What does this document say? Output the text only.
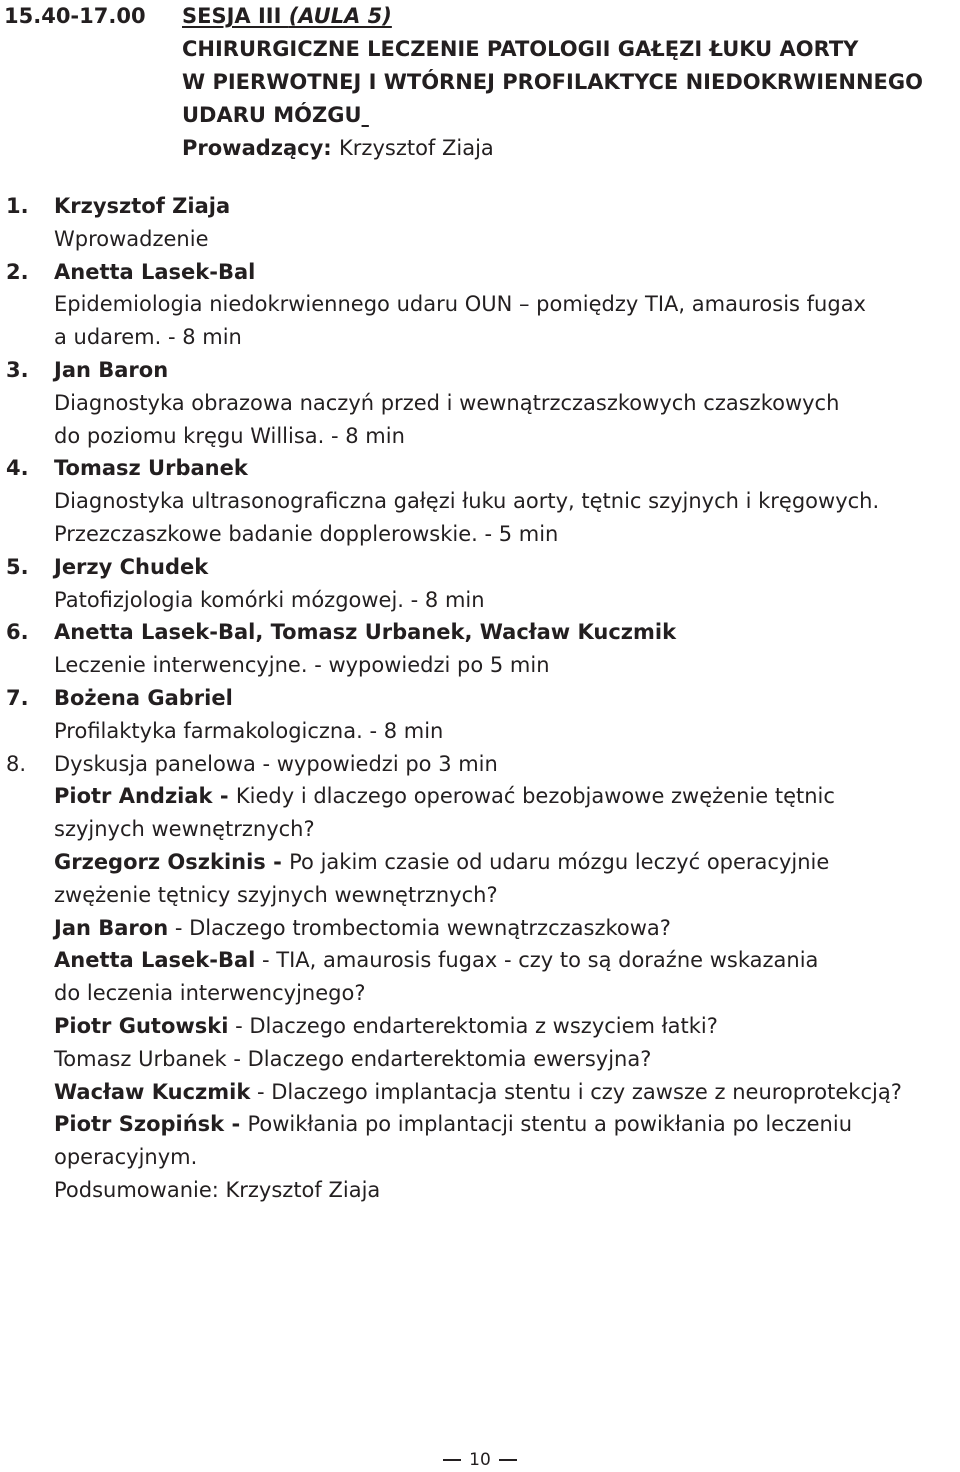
15.40-17.00 SESJA III (AULA 5)
CHIRURGICZNE LECZENIE PATOLOGII GAŁĘZI ŁUKU AORTY
W PIERWOTNEJ I WTÓRNEJ PROFILAKTYCE NIEDOKRWIENNEGO
UDARU MÓZGU
Prowadzący: Krzysztof Ziaja
1. Krzysztof Ziaja
Wprowadzenie
2. Anetta Lasek-Bal
Epidemiologia niedokrwiennego udaru OUN – pomiędzy TIA, amaurosis fugax
a udarem. - 8 min
3. Jan Baron
Diagnostyka obrazowa naczyń przed i wewnątrzczaszkowych czaszkowych
do poziomu kręgu Willisa. - 8 min
4. Tomasz Urbanek
Diagnostyka ultrasonograficzna gałęzi łuku aorty, tętnic szyjnych i kręgowych.
Przezczaszkowe badanie dopplerowskie. - 5 min
5. Jerzy Chudek
Patofizjologia komórki mózgowej. - 8 min
6. Anetta Lasek-Bal, Tomasz Urbanek, Wacław Kuczmik
Leczenie interwencyjne. - wypowiedzi po 5 min
7. Bożena Gabriel
Profilaktyka farmakologiczna. - 8 min
8. Dyskusja panelowa - wypowiedzi po 3 min
Piotr Andziak - Kiedy i dlaczego operować bezobjawowe zwężenie tętnic
szyjnych wewnętrznych?
Grzegorz Oszkinis - Po jakim czasie od udaru mózgu leczyć operacyjnie
zwężenie tętnicy szyjnych wewnętrznych?
Jan Baron - Dlaczego trombectomia wewnątrzczaszkowa?
Anetta Lasek-Bal - TIA, amaurosis fugax - czy to są doraźne wskazania
do leczenia interwencyjnego?
Piotr Gutowski - Dlaczego endarterektomia z wszyciem łatki?
Tomasz Urbanek - Dlaczego endarterektomia ewersyjna?
Wacław Kuczmik - Dlaczego implantacja stentu i czy zawsze z neuroprotekcją?
Piotr Szopińsk - Powikłania po implantacji stentu a powikłania po leczeniu
operacyjnym.
Podsumowanie: Krzysztof Ziaja
10
